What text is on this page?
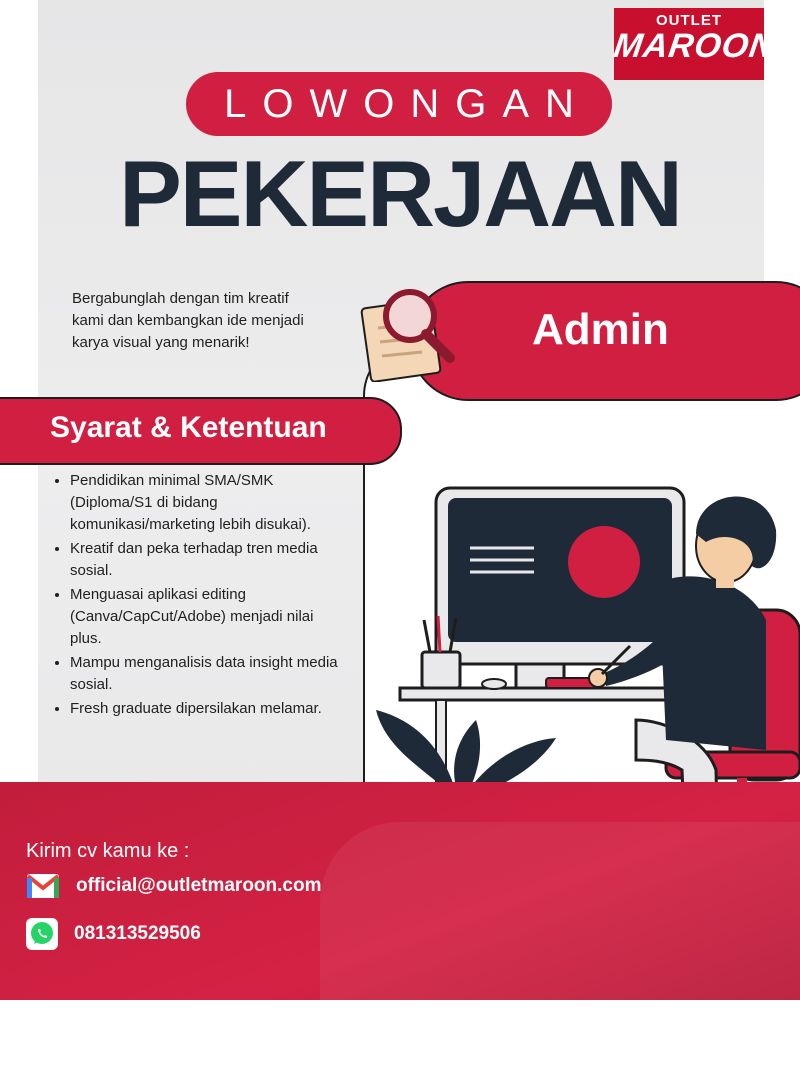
OUTLET
MAROON
LOWONGAN
PEKERJAAN
Bergabunglah dengan tim kreatif kami dan kembangkan ide menjadi karya visual yang menarik!	Admin
Syarat & Ketentuan
• Pendidikan minimal SMA/SMK (Diploma/S1 di bidang komunikasi/marketing lebih disukai).
• Kreatif dan peka terhadap tren media sosial.
• Menguasai aplikasi editing (Canva/CapCut/Adobe) menjadi nilai plus.
• Mampu menganalisis data insight media sosial.
• Fresh graduate dipersilakan melamar.
Kirim cv kamu ke :
official@outletmaroon.com
081313529506
